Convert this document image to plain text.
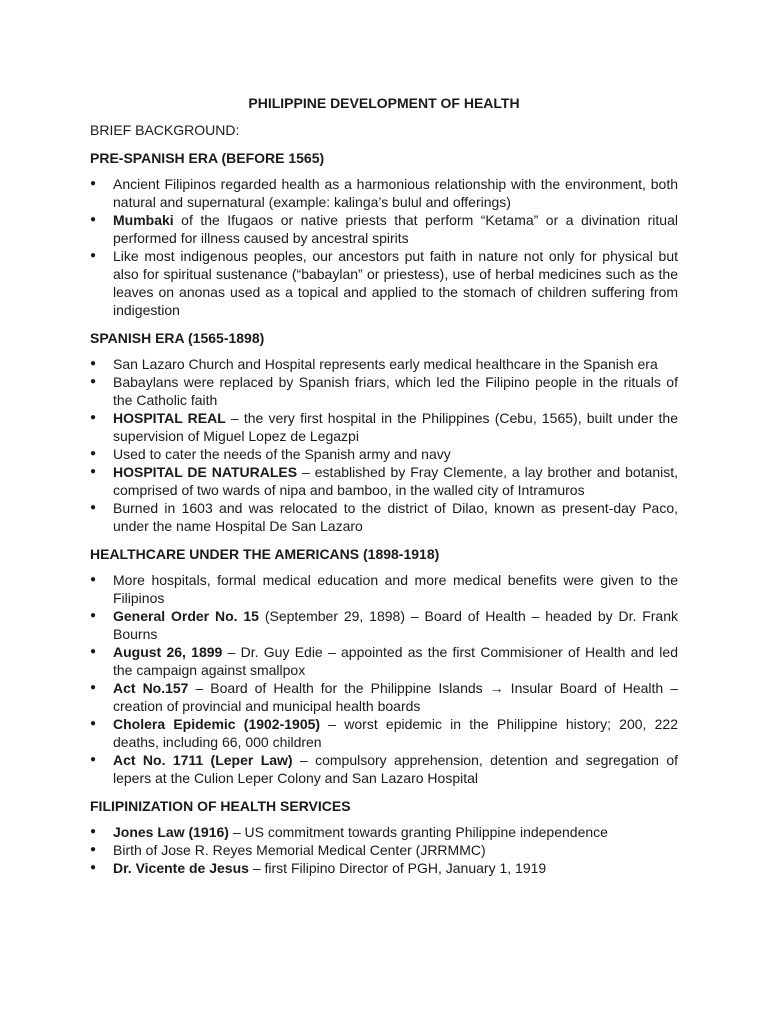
PHILIPPINE DEVELOPMENT OF HEALTH
BRIEF BACKGROUND:
PRE-SPANISH ERA (BEFORE 1565)
● Ancient Filipinos regarded health as a harmonious relationship with the environment, both natural and supernatural (example: kalinga’s bulul and offerings)
● Mumbaki of the Ifugaos or native priests that perform “Ketama” or a divination ritual performed for illness caused by ancestral spirits
● Like most indigenous peoples, our ancestors put faith in nature not only for physical but also for spiritual sustenance (“babaylan” or priestess), use of herbal medicines such as the leaves on anonas used as a topical and applied to the stomach of children suffering from indigestion
SPANISH ERA (1565-1898)
● San Lazaro Church and Hospital represents early medical healthcare in the Spanish era
● Babaylans were replaced by Spanish friars, which led the Filipino people in the rituals of the Catholic faith
● HOSPITAL REAL – the very first hospital in the Philippines (Cebu, 1565), built under the supervision of Miguel Lopez de Legazpi
● Used to cater the needs of the Spanish army and navy
● HOSPITAL DE NATURALES – established by Fray Clemente, a lay brother and botanist, comprised of two wards of nipa and bamboo, in the walled city of Intramuros
● Burned in 1603 and was relocated to the district of Dilao, known as present-day Paco, under the name Hospital De San Lazaro
HEALTHCARE UNDER THE AMERICANS (1898-1918)
● More hospitals, formal medical education and more medical benefits were given to the Filipinos
● General Order No. 15 (September 29, 1898) – Board of Health – headed by Dr. Frank Bourns
● August 26, 1899 – Dr. Guy Edie – appointed as the first Commisioner of Health and led the campaign against smallpox
● Act No.157 – Board of Health for the Philippine Islands → Insular Board of Health – creation of provincial and municipal health boards
● Cholera Epidemic (1902-1905) – worst epidemic in the Philippine history; 200, 222 deaths, including 66, 000 children
● Act No. 1711 (Leper Law) – compulsory apprehension, detention and segregation of lepers at the Culion Leper Colony and San Lazaro Hospital
FILIPINIZATION OF HEALTH SERVICES
● Jones Law (1916) – US commitment towards granting Philippine independence
● Birth of Jose R. Reyes Memorial Medical Center (JRRMMC)
● Dr. Vicente de Jesus – first Filipino Director of PGH, January 1, 1919
